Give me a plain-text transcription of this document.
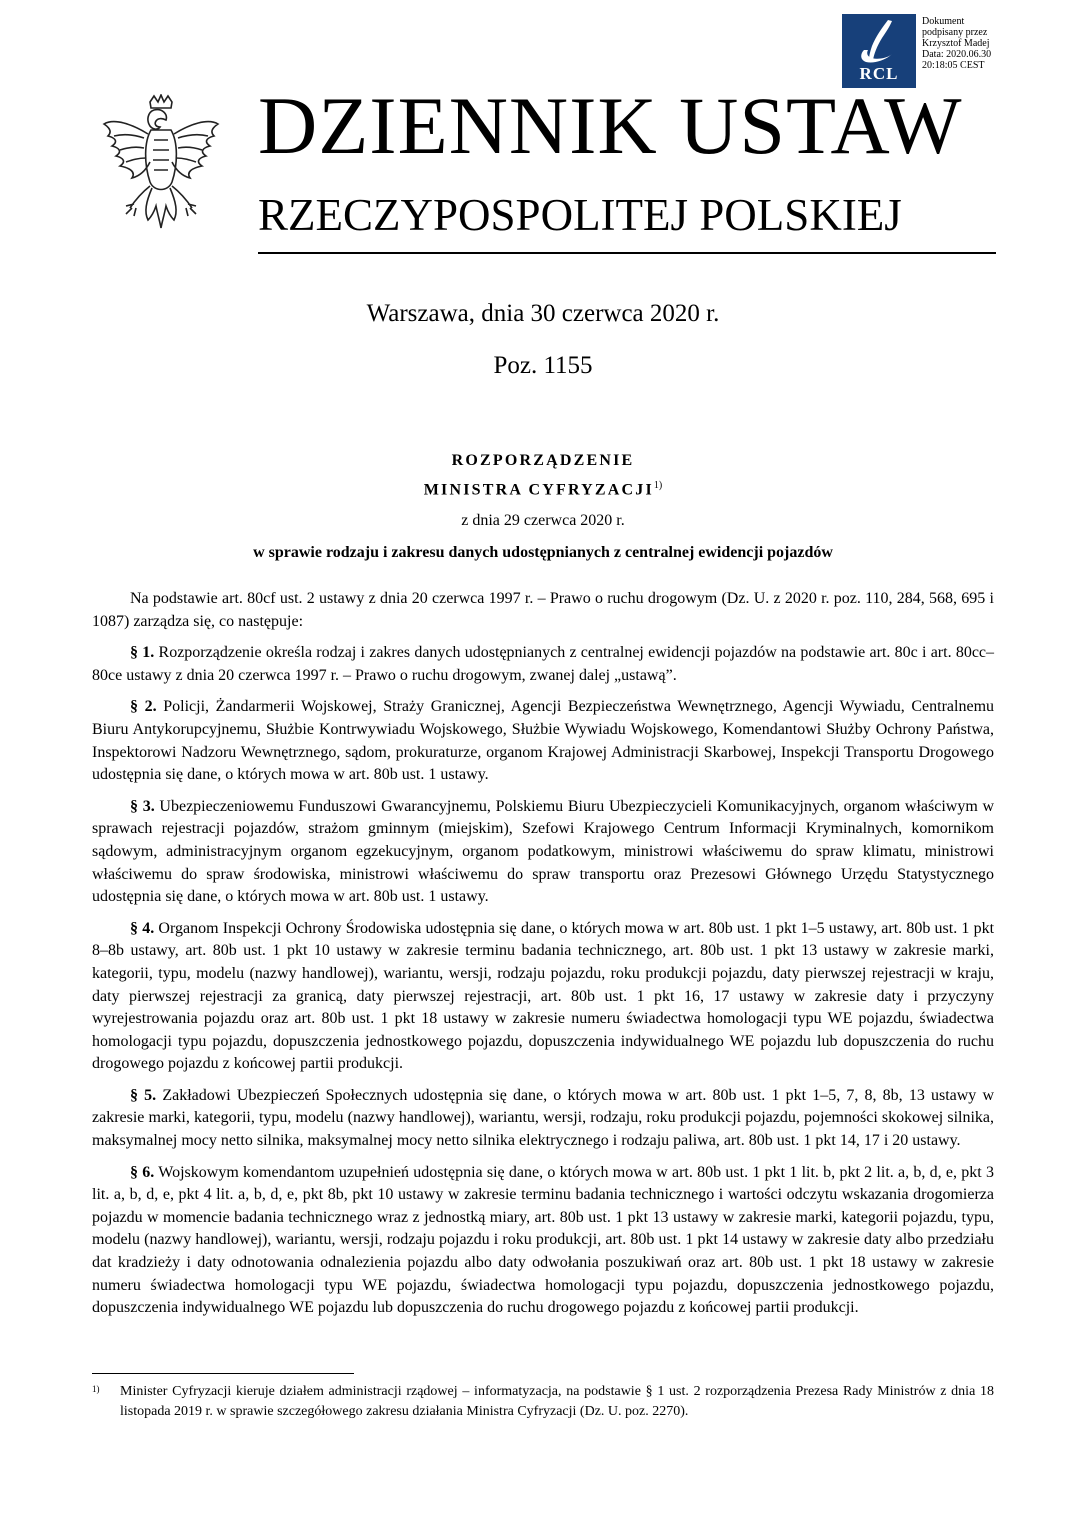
RCL
Dokument
podpisany przez
Krzysztof Madej
Data: 2020.06.30
20:18:05 CEST
DZIENNIK USTAW
RZECZYPOSPOLITEJ POLSKIEJ
Warszawa, dnia 30 czerwca 2020 r.
Poz. 1155
ROZPORZĄDZENIE
MINISTRA CYFRYZACJI$^{1)}$
z dnia 29 czerwca 2020 r.
w sprawie rodzaju i zakresu danych udostępnianych z centralnej ewidencji pojazdów

Na podstawie art. 80cf ust. 2 ustawy z dnia 20 czerwca 1997 r. – Prawo o ruchu drogowym (Dz. U. z 2020 r. poz. 110, 284, 568, 695 i 1087) zarządza się, co następuje:

§ 1. Rozporządzenie określa rodzaj i zakres danych udostępnianych z centralnej ewidencji pojazdów na podstawie art. 80c i art. 80cc–80ce ustawy z dnia 20 czerwca 1997 r. – Prawo o ruchu drogowym, zwanej dalej „ustawą”.

§ 2. Policji, Żandarmerii Wojskowej, Straży Granicznej, Agencji Bezpieczeństwa Wewnętrznego, Agencji Wywiadu, Centralnemu Biuru Antykorupcyjnemu, Służbie Kontrwywiadu Wojskowego, Służbie Wywiadu Wojskowego, Komendantowi Służby Ochrony Państwa, Inspektorowi Nadzoru Wewnętrznego, sądom, prokuraturze, organom Krajowej Administracji Skarbowej, Inspekcji Transportu Drogowego udostępnia się dane, o których mowa w art. 80b ust. 1 ustawy.

§ 3. Ubezpieczeniowemu Funduszowi Gwarancyjnemu, Polskiemu Biuru Ubezpieczycieli Komunikacyjnych, organom właściwym w sprawach rejestracji pojazdów, strażom gminnym (miejskim), Szefowi Krajowego Centrum Informacji Kryminalnych, komornikom sądowym, administracyjnym organom egzekucyjnym, organom podatkowym, ministrowi właściwemu do spraw klimatu, ministrowi właściwemu do spraw środowiska, ministrowi właściwemu do spraw transportu oraz Prezesowi Głównego Urzędu Statystycznego udostępnia się dane, o których mowa w art. 80b ust. 1 ustawy.

§ 4. Organom Inspekcji Ochrony Środowiska udostępnia się dane, o których mowa w art. 80b ust. 1 pkt 1–5 ustawy, art. 80b ust. 1 pkt 8–8b ustawy, art. 80b ust. 1 pkt 10 ustawy w zakresie terminu badania technicznego, art. 80b ust. 1 pkt 13 ustawy w zakresie marki, kategorii, typu, modelu (nazwy handlowej), wariantu, wersji, rodzaju pojazdu, roku produkcji pojazdu, daty pierwszej rejestracji w kraju, daty pierwszej rejestracji za granicą, daty pierwszej rejestracji, art. 80b ust. 1 pkt 16, 17 ustawy w zakresie daty i przyczyny wyrejestrowania pojazdu oraz art. 80b ust. 1 pkt 18 ustawy w zakresie numeru świadectwa homologacji typu WE pojazdu, świadectwa homologacji typu pojazdu, dopuszczenia jednostkowego pojazdu, dopuszczenia indywidualnego WE pojazdu lub dopuszczenia do ruchu drogowego pojazdu z końcowej partii produkcji.

§ 5. Zakładowi Ubezpieczeń Społecznych udostępnia się dane, o których mowa w art. 80b ust. 1 pkt 1–5, 7, 8, 8b, 13 ustawy w zakresie marki, kategorii, typu, modelu (nazwy handlowej), wariantu, wersji, rodzaju, roku produkcji pojazdu, pojemności skokowej silnika, maksymalnej mocy netto silnika, maksymalnej mocy netto silnika elektrycznego i rodzaju paliwa, art. 80b ust. 1 pkt 14, 17 i 20 ustawy.

§ 6. Wojskowym komendantom uzupełnień udostępnia się dane, o których mowa w art. 80b ust. 1 pkt 1 lit. b, pkt 2 lit. a, b, d, e, pkt 3 lit. a, b, d, e, pkt 4 lit. a, b, d, e, pkt 8b, pkt 10 ustawy w zakresie terminu badania technicznego i wartości odczytu wskazania drogomierza pojazdu w momencie badania technicznego wraz z jednostką miary, art. 80b ust. 1 pkt 13 ustawy w zakresie marki, kategorii pojazdu, typu, modelu (nazwy handlowej), wariantu, wersji, rodzaju pojazdu i roku produkcji, art. 80b ust. 1 pkt 14 ustawy w zakresie daty albo przedziału dat kradzieży i daty odnotowania odnalezienia pojazdu albo daty odwołania poszukiwań oraz art. 80b ust. 1 pkt 18 ustawy w zakresie numeru świadectwa homologacji typu WE pojazdu, świadectwa homologacji typu pojazdu, dopuszczenia jednostkowego pojazdu, dopuszczenia indywidualnego WE pojazdu lub dopuszczenia do ruchu drogowego pojazdu z końcowej partii produkcji.

1) Minister Cyfryzacji kieruje działem administracji rządowej – informatyzacja, na podstawie § 1 ust. 2 rozporządzenia Prezesa Rady Ministrów z dnia 18 listopada 2019 r. w sprawie szczegółowego zakresu działania Ministra Cyfryzacji (Dz. U. poz. 2270).
